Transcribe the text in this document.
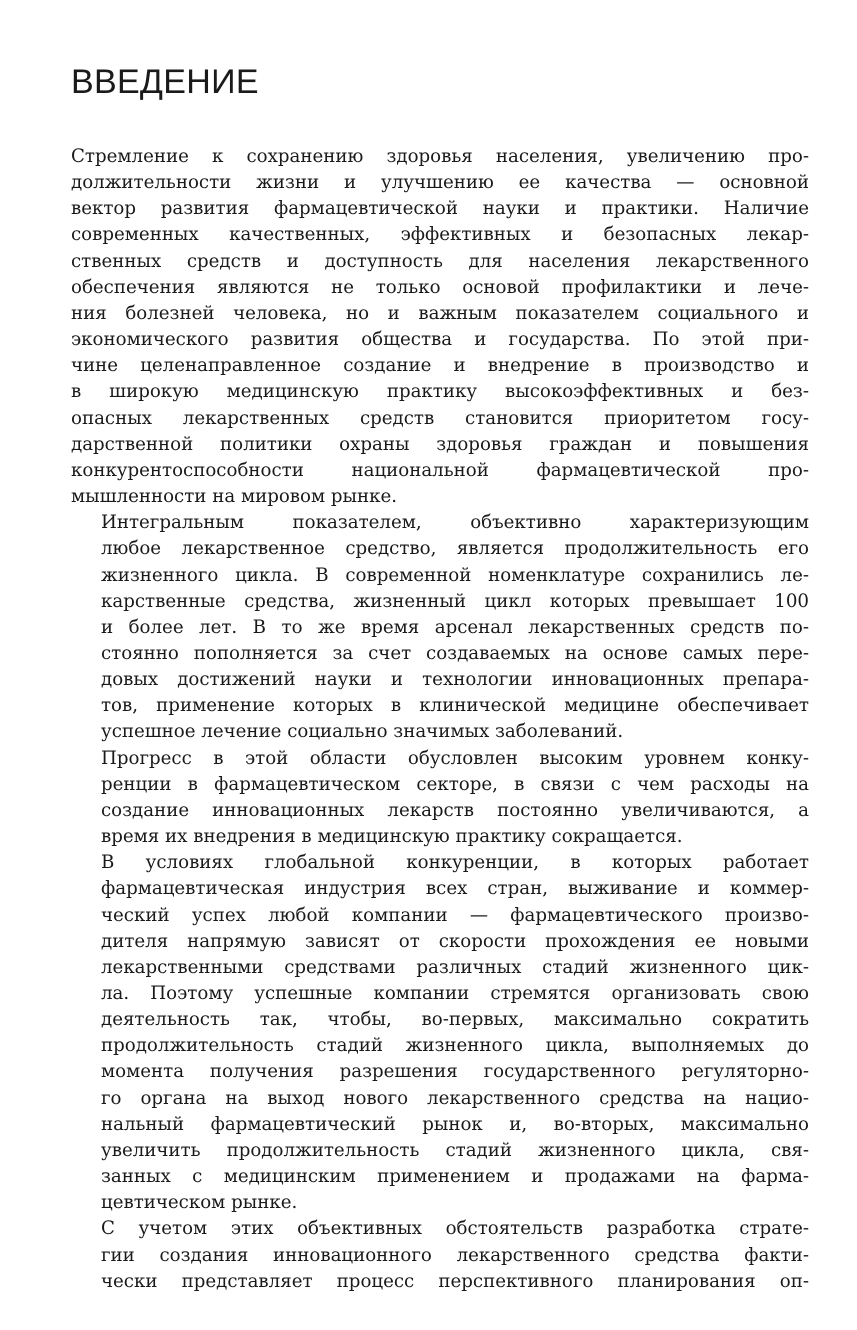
ВВЕДЕНИЕ

Стремление к сохранению здоровья населения, увеличению про-
должительности жизни и улучшению ее качества — основной
вектор развития фармацевтической науки и практики. Наличие
современных качественных, эффективных и безопасных лекар-
ственных средств и доступность для населения лекарственного
обеспечения являются не только основой профилактики и лече-
ния болезней человека, но и важным показателем социального и
экономического развития общества и государства. По этой при-
чине целенаправленное создание и внедрение в производство и
в широкую медицинскую практику высокоэффективных и без-
опасных лекарственных средств становится приоритетом госу-
дарственной политики охраны здоровья граждан и повышения
конкурентоспособности национальной фармацевтической про-
мышленности на мировом рынке.

Интегральным показателем, объективно характеризующим
любое лекарственное средство, является продолжительность его
жизненного цикла. В современной номенклатуре сохранились ле-
карственные средства, жизненный цикл которых превышает 100
и более лет. В то же время арсенал лекарственных средств по-
стоянно пополняется за счет создаваемых на основе самых пере-
довых достижений науки и технологии инновационных препара-
тов, применение которых в клинической медицине обеспечивает
успешное лечение социально значимых заболеваний.

Прогресс в этой области обусловлен высоким уровнем конку-
ренции в фармацевтическом секторе, в связи с чем расходы на
создание инновационных лекарств постоянно увеличиваются, а
время их внедрения в медицинскую практику сокращается.

В условиях глобальной конкуренции, в которых работает
фармацевтическая индустрия всех стран, выживание и коммер-
ческий успех любой компании — фармацевтического произво-
дителя напрямую зависят от скорости прохождения ее новыми
лекарственными средствами различных стадий жизненного цик-
ла. Поэтому успешные компании стремятся организовать свою
деятельность так, чтобы, во-первых, максимально сократить
продолжительность стадий жизненного цикла, выполняемых до
момента получения разрешения государственного регуляторно-
го органа на выход нового лекарственного средства на нацио-
нальный фармацевтический рынок и, во-вторых, максимально
увеличить продолжительность стадий жизненного цикла, свя-
занных с медицинским применением и продажами на фарма-
цевтическом рынке.

С учетом этих объективных обстоятельств разработка страте-
гии создания инновационного лекарственного средства факти-
чески представляет процесс перспективного планирования оп-
